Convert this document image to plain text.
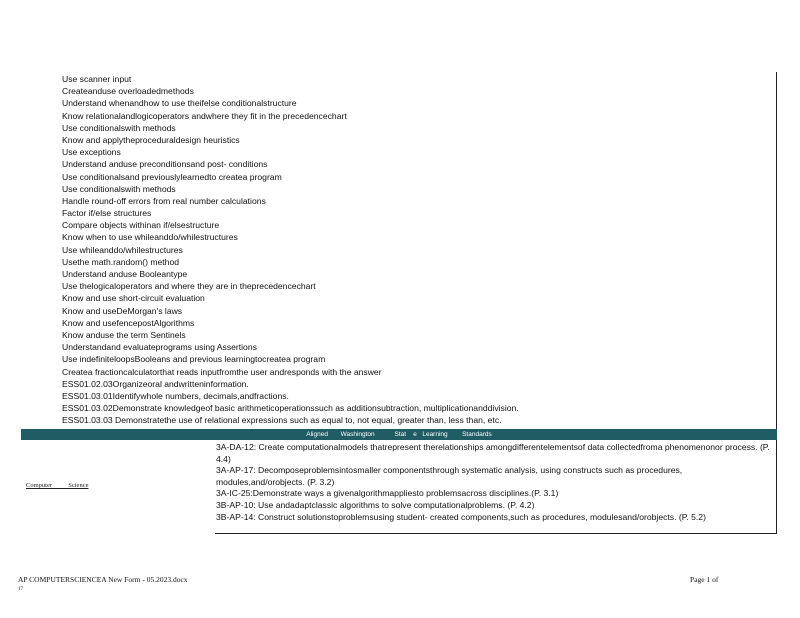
Use scanner input
Createanduse overloadedmethods
Understand whenandhow to use theifelse conditionalstructure
Know relationalandlogicoperators andwhere they fit in the precedencechart
Use conditionalswith methods
Know and applytheproceduraldesign heuristics
Use exceptions
Understand anduse preconditionsand post- conditions
Use conditionalsand previouslylearnedto createa program
Use conditionalswith methods
Handle round-off errors from real number calculations
Factor if/else structures
Compare objects withinan if/elsestructure
Know when to use whileanddo/whilestructures
Use whileanddo/whilestructures
Usethe math.random() method
Understand anduse Booleantype
Use thelogicaloperators and where they are in theprecedencechart
Know and use short-circuit evaluation
Know and useDeMorgan's laws
Know and usefencepostAlgorithms
Know anduse the term Sentinels
Understandand evaluateprograms using Assertions
Use indefiniteloopsBooleans and previous learningtocreatea program
Createa fractioncalculatorthat reads inputfromthe user andresponds with the answer
ESS01.02.03Organizeoral andwritteninformation.
ESS01.03.01Identifywhole numbers, decimals,andfractions.
ESS01.03.02Demonstrate knowledgeof basic arithmeticoperationssuch as additionsubtraction, multiplicationanddivision.
ESS01.03.03 Demonstratethe use of relational expressions such as equal to, not equal, greater than, less than, etc.
Aligned       Washington           Stat    e   Learning        Standards
Computer          Science
3A-DA-12: Create computationalmodels thatrepresent therelationships amongdifferentelementsof data collectedfroma phenomenonor process. (P. 4.4)
3A-AP-17: Decomposeproblemsintosmaller componentsthrough systematic analysis, using constructs such as procedures, modules,and/orobjects. (P. 3.2)
3A-IC-25:Demonstrate ways a givenalgorithmappliesto problemsacross disciplines.(P. 3.1)
3B-AP-10: Use andadaptclassic algorithms to solve computationalproblems. (P. 4.2)
3B-AP-14: Construct solutionstoproblemsusing student- created components,such as procedures, modulesand/orobjects. (P. 5.2)
AP COMPUTERSCIENCEA New Form - 05.2023.docx
17
Page 1 of
